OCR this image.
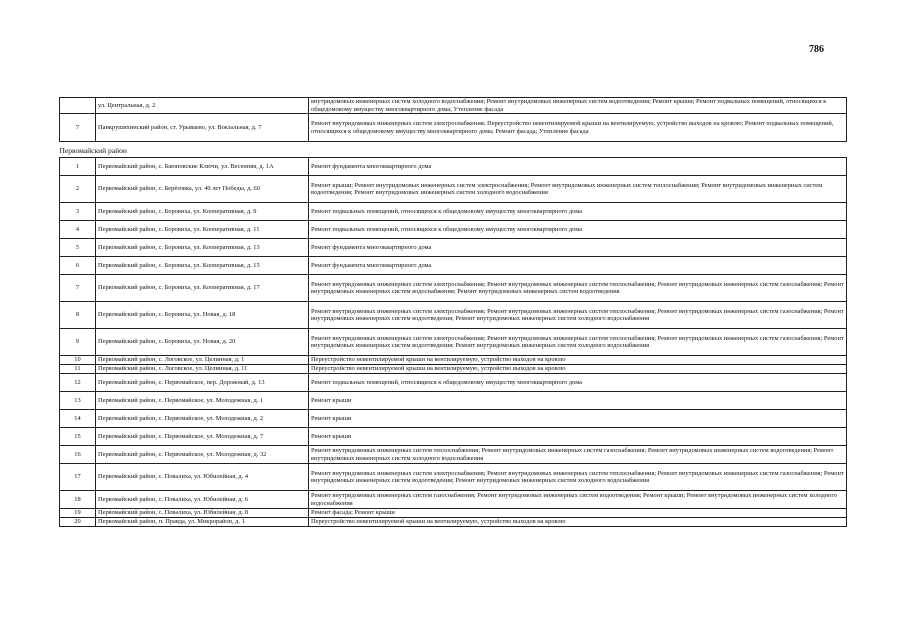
786
	ул. Центральная, д. 2	внутридомовых инженерных систем холодного водоснабжения; Ремонт внутридомовых инженерных систем водоотведения; Ремонт крыши; Ремонт подвальных помещений, относящихся к общедомовому имуществу многоквартирного дома; Утепление фасада
7	Панкрушихинский район, ст. Урываево, ул. Вокзальная, д. 7	Ремонт внутридомовых инженерных систем электроснабжения; Переустройство невентилируемой крыши на вентилируемую, устройство выходов на кровлю; Ремонт подвальных помещений, относящихся к общедомовому имуществу многоквартирного дома; Ремонт фасада; Утепление фасада
Первомайский район		
1	Первомайский район, с. Баюновские Ключи, ул. Весенняя, д. 1А	Ремонт фундамента многоквартирного дома
2	Первомайский район, с. Берёзовка, ул. 40 лет Победы, д. 60	Ремонт крыши; Ремонт внутридомовых инженерных систем электроснабжения; Ремонт внутридомовых инженерных систем теплоснабжения; Ремонт внутридомовых инженерных систем водоотведения; Ремонт внутридомовых инженерных систем холодного водоснабжения
3	Первомайский район, с. Боровиха, ул. Кооперативная, д. 9	Ремонт подвальных помещений, относящихся к общедомовому имуществу многоквартирного дома
4	Первомайский район, с. Боровиха, ул. Кооперативная, д. 11	Ремонт подвальных помещений, относящихся к общедомовому имуществу многоквартирного дома
5	Первомайский район, с. Боровиха, ул. Кооперативная, д. 13	Ремонт фундамента многоквартирного дома
6	Первомайский район, с. Боровиха, ул. Кооперативная, д. 15	Ремонт фундамента многоквартирного дома
7	Первомайский район, с. Боровиха, ул. Кооперативная, д. 17	Ремонт внутридомовых инженерных систем электроснабжения; Ремонт внутридомовых инженерных систем теплоснабжения; Ремонт внутридомовых инженерных систем газоснабжения; Ремонт внутридомовых инженерных систем водоснабжения; Ремонт внутридомовых инженерных систем водоотведения
8	Первомайский район, с. Боровиха, ул. Новая, д. 18	Ремонт внутридомовых инженерных систем электроснабжения; Ремонт внутридомовых инженерных систем теплоснабжения; Ремонт внутридомовых инженерных систем газоснабжения; Ремонт внутридомовых инженерных систем водоотведения; Ремонт внутридомовых инженерных систем холодного водоснабжения
9	Первомайский район, с. Боровиха, ул. Новая, д. 20	Ремонт внутридомовых инженерных систем электроснабжения; Ремонт внутридомовых инженерных систем теплоснабжения; Ремонт внутридомовых инженерных систем газоснабжения; Ремонт внутридомовых инженерных систем водоотведения; Ремонт внутридомовых инженерных систем холодного водоснабжения
10	Первомайский район, с. Логовское, ул. Целинная, д. 1	Переустройство невентилируемой крыши на вентилируемую, устройство выходов на кровлю
11	Первомайский район, с. Логовское, ул. Целинная, д. 11	Переустройство невентилируемой крыши на вентилируемую, устройство выходов на кровлю
12	Первомайский район, с. Первомайское, пер. Дорожный, д. 13	Ремонт подвальных помещений, относящихся к общедомовому имуществу многоквартирного дома
13	Первомайский район, с. Первомайское, ул. Молодежная, д. 1	Ремонт крыши
14	Первомайский район, с. Первомайское, ул. Молодежная, д. 2	Ремонт крыши
15	Первомайский район, с. Первомайское, ул. Молодежная, д. 7	Ремонт крыши
16	Первомайский район, с. Первомайское, ул. Молодежная, д. 32	Ремонт внутридомовых инженерных систем теплоснабжения; Ремонт внутридомовых инженерных систем газоснабжения; Ремонт внутридомовых инженерных систем водоотведения; Ремонт внутридомовых инженерных систем холодного водоснабжения
17	Первомайский район, с. Повалиха, ул. Юбилейная, д. 4	Ремонт внутридомовых инженерных систем электроснабжения; Ремонт внутридомовых инженерных систем теплоснабжения; Ремонт внутридомовых инженерных систем газоснабжения; Ремонт внутридомовых инженерных систем водоотведения; Ремонт внутридомовых инженерных систем холодного водоснабжения
18	Первомайский район, с. Повалиха, ул. Юбилейная, д. 6	Ремонт внутридомовых инженерных систем газоснабжения; Ремонт внутридомовых инженерных систем водоотведения; Ремонт крыши; Ремонт внутридомовых инженерных систем холодного водоснабжения
19	Первомайский район, с. Повалиха, ул. Юбилейная, д. 8	Ремонт фасада; Ремонт крыши
20	Первомайский район, п. Правда, ул. Микрорайон, д. 1	Переустройство невентилируемой крыши на вентилируемую, устройство выходов на кровлю
